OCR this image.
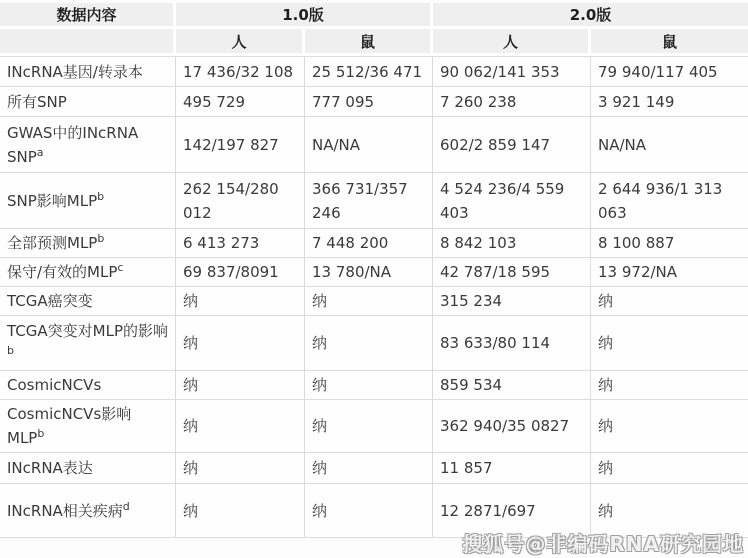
数据内容	1.0版		2.0版	
	人	鼠	人	鼠
INcRNA基因/转录本	17 436/32 108	25 512/36 471	90 062/141 353	79 940/117 405
所有SNP	495 729	777 095	7 260 238	3 921 149
GWAS中的INcRNA SNP$^a$	142/197 827	NA/NA	602/2 859 147	NA/NA
SNP影响MLP$^b$	262 154/280 012	366 731/357 246	4 524 236/4 559 403	2 644 936/1 313 063
全部预测MLP$^b$	6 413 273	7 448 200	8 842 103	8 100 887
保守/有效的MLP$^c$	69 837/8091	13 780/NA	42 787/18 595	13 972/NA
TCGA癌突变	纳	纳	315 234	纳
TCGA突变对MLP的影响$^b$	纳	纳	83 633/80 114	纳
CosmicNCVs	纳	纳	859 534	纳
CosmicNCVs影响MLP$^b$	纳	纳	362 940/35 0827	纳
INcRNA表达	纳	纳	11 857	纳
INcRNA相关疾病$^d$	纳	纳	12 2871/697	纳
搜狐号@非编码RNA研究园地
